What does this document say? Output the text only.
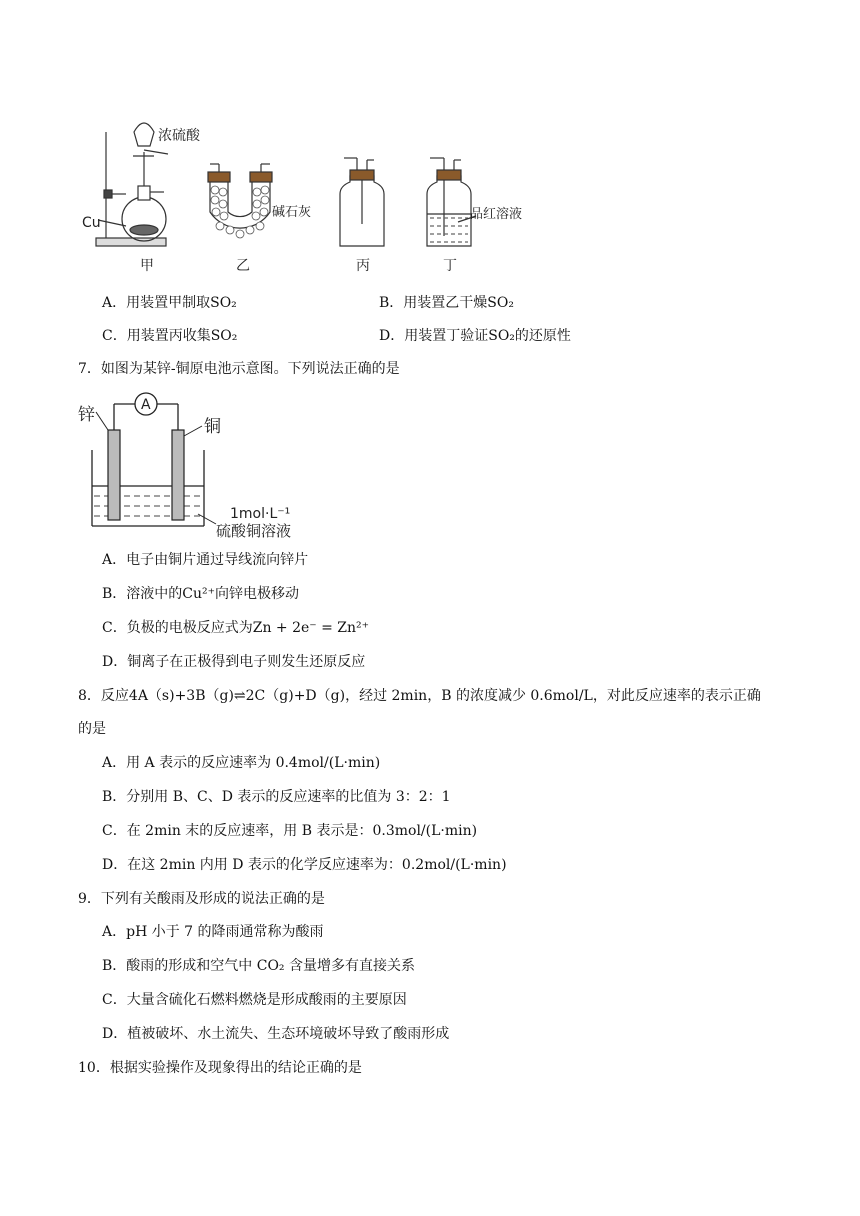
浓硫酸
Cu
碱石灰	品红溶液
甲	乙	丙	丁
A．用装置甲制取SO₂	B．用装置乙干燥SO₂
C．用装置丙收集SO₂	D．用装置丁验证SO₂的还原性
7．如图为某锌-铜原电池示意图。下列说法正确的是
A
锌
铜
1mol·L⁻¹
硫酸铜溶液
A．电子由铜片通过导线流向锌片
B．溶液中的Cu²⁺向锌电极移动
C．负极的电极反应式为Zn + 2e⁻ = Zn²⁺
D．铜离子在正极得到电子则发生还原反应
8．反应4A（s)+3B（g)⇌2C（g)+D（g)，经过 2min，B 的浓度减少 0.6mol/L，对此反应速率的表示正确
的是
A．用 A 表示的反应速率为 0.4mol/(L·min)
B．分别用 B、C、D 表示的反应速率的比值为 3：2：1
C．在 2min 末的反应速率，用 B 表示是：0.3mol/(L·min)
D．在这 2min 内用 D 表示的化学反应速率为：0.2mol/(L·min)
9．下列有关酸雨及形成的说法正确的是
A．pH 小于 7 的降雨通常称为酸雨
B．酸雨的形成和空气中 CO₂ 含量增多有直接关系
C．大量含硫化石燃料燃烧是形成酸雨的主要原因
D．植被破坏、水土流失、生态环境破坏导致了酸雨形成
10．根据实验操作及现象得出的结论正确的是
